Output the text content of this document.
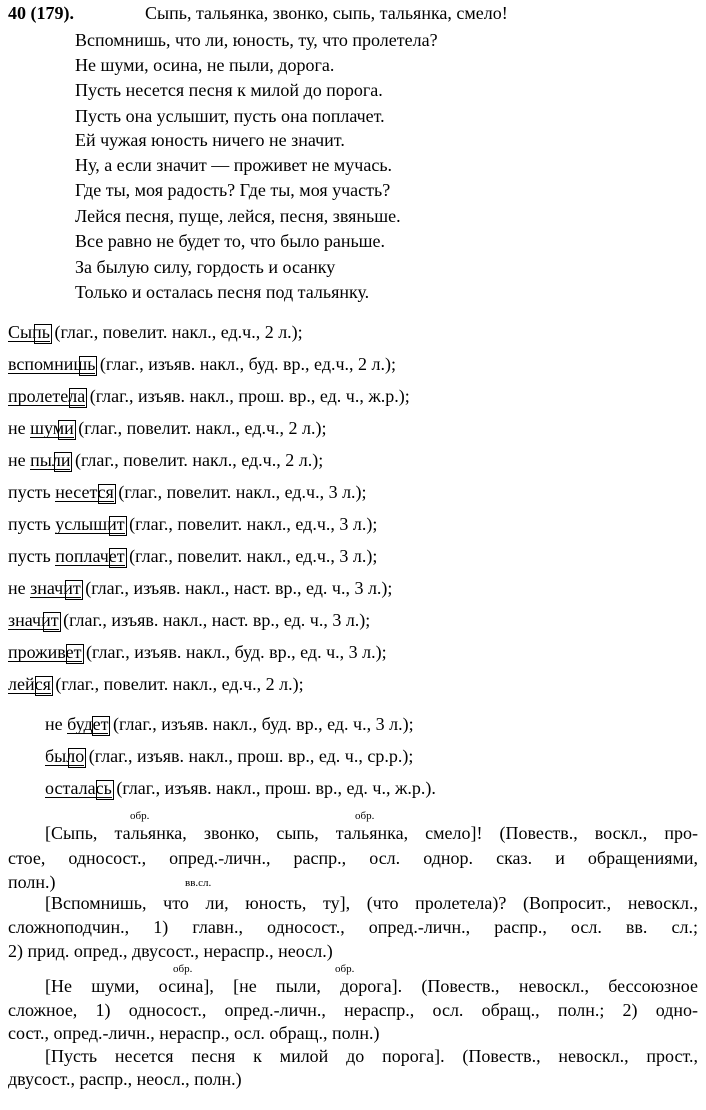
40 (179).	Сыпь, тальянка, звонко, сыпь, тальянка, смело!
Вспомнишь, что ли, юность, ту, что пролетела?
Не шуми, осина, не пыли, дорога.
Пусть несется песня к милой до порога.
Пусть она услышит, пусть она поплачет.
Ей чужая юность ничего не значит.
Ну, а если значит — проживет не мучась.
Где ты, моя радость? Где ты, моя участь?
Лейся песня, пуще, лейся, песня, звяньше.
Все равно не будет то, что было раньше.
За былую силу, гордость и осанку
Только и осталась песня под тальянку.
Сыпь (глаг., повелит. накл., ед.ч., 2 л.);
вспомнишь (глаг., изъяв. накл., буд. вр., ед.ч., 2 л.);
пролетела (глаг., изъяв. накл., прош. вр., ед. ч., ж.р.);
не шуми (глаг., повелит. накл., ед.ч., 2 л.);
не пыли (глаг., повелит. накл., ед.ч., 2 л.);
пусть несется (глаг., повелит. накл., ед.ч., 3 л.);
пусть услышит (глаг., повелит. накл., ед.ч., 3 л.);
пусть поплачет (глаг., повелит. накл., ед.ч., 3 л.);
не значит (глаг., изъяв. накл., наст. вр., ед. ч., 3 л.);
значит (глаг., изъяв. накл., наст. вр., ед. ч., 3 л.);
проживет (глаг., изъяв. накл., буд. вр., ед. ч., 3 л.);
лейся (глаг., повелит. накл., ед.ч., 2 л.);
не будет (глаг., изъяв. накл., буд. вр., ед. ч., 3 л.);
было (глаг., изъяв. накл., прош. вр., ед. ч., ср.р.);
осталась (глаг., изъяв. накл., прош. вр., ед. ч., ж.р.).
обр.	обр.
вв.сл.
обр.	обр.
[Сыпь, тальянка, звонко, сыпь, тальянка, смело]! (Повеств., воскл., про-
стое, односост., опред.-личн., распр., осл. однор. сказ. и обращениями,
полн.)
[Вспомнишь, что ли, юность, ту], (что пролетела)? (Вопросит., невоскл.,
сложноподчин., 1) главн., односост., опред.-личн., распр., осл. вв. сл.;
2) прид. опред., двусост., нераспр., неосл.)
[Не шуми, осина], [не пыли, дорога]. (Повеств., невоскл., бессоюзное
сложное, 1) односост., опред.-личн., нераспр., осл. обращ., полн.; 2) одно-
сост., опред.-личн., нераспр., осл. обращ., полн.)
[Пусть несется песня к милой до порога]. (Повеств., невоскл., прост.,
двусост., распр., неосл., полн.)
